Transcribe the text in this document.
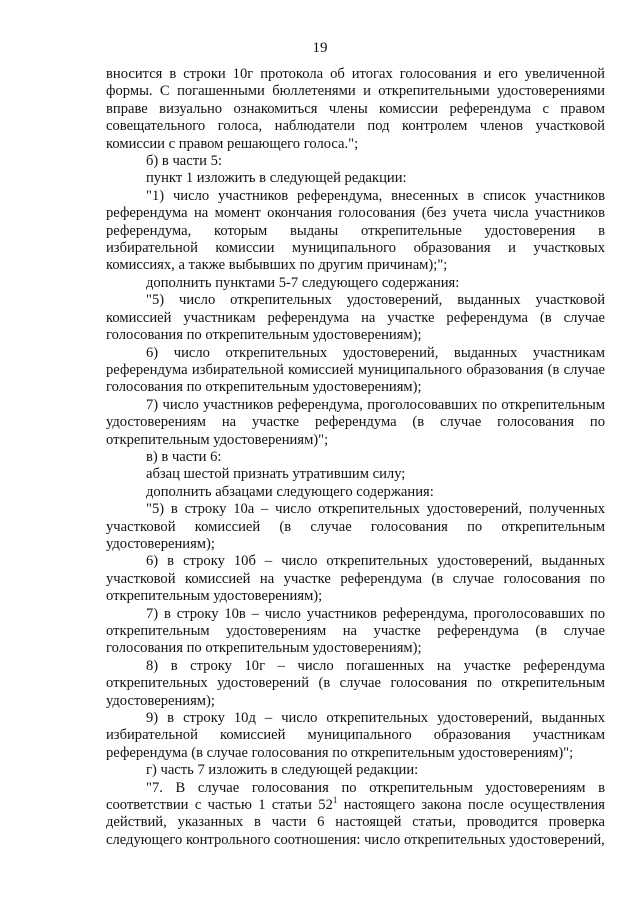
19

вносится в строки 10г протокола об итогах голосования и его увеличенной формы. С погашенными бюллетенями и открепительными удостоверениями вправе визуально ознакомиться члены комиссии референдума с правом совещательного голоса, наблюдатели под контролем членов участковой комиссии с правом решающего голоса.";

б) в части 5:

пункт 1 изложить в следующей редакции:

"1) число участников референдума, внесенных в список участников референдума на момент окончания голосования (без учета числа участников референдума, которым выданы открепительные удостоверения в избирательной комиссии муниципального образования и участковых комиссиях, а также выбывших по другим причинам);";

дополнить пунктами 5-7 следующего содержания:

"5) число открепительных удостоверений, выданных участковой комиссией участникам референдума на участке референдума (в случае голосования по открепительным удостоверениям);

6) число открепительных удостоверений, выданных участникам референдума избирательной комиссией муниципального образования (в случае голосования по открепительным удостоверениям);

7) число участников референдума, проголосовавших по открепительным удостоверениям на участке референдума (в случае голосования по открепительным удостоверениям)";

в) в части 6:

абзац шестой признать утратившим силу;

дополнить абзацами следующего содержания:

"5) в строку 10а – число открепительных удостоверений, полученных участковой комиссией (в случае голосования по открепительным удостоверениям);

6) в строку 10б – число открепительных удостоверений, выданных участковой комиссией на участке референдума (в случае голосования по открепительным удостоверениям);

7) в строку 10в – число участников референдума, проголосовавших по открепительным удостоверениям на участке референдума (в случае голосования по открепительным удостоверениям);

8) в строку 10г – число погашенных на участке референдума открепительных удостоверений (в случае голосования по открепительным удостоверениям);

9) в строку 10д – число открепительных удостоверений, выданных избирательной комиссией муниципального образования участникам референдума (в случае голосования по открепительным удостоверениям)";

г) часть 7 изложить в следующей редакции:

"7. В случае голосования по открепительным удостоверениям в соответствии с частью 1 статьи $52^1$ настоящего закона после осуществления действий, указанных в части 6 настоящей статьи, проводится проверка следующего контрольного соотношения: число открепительных удостоверений,
